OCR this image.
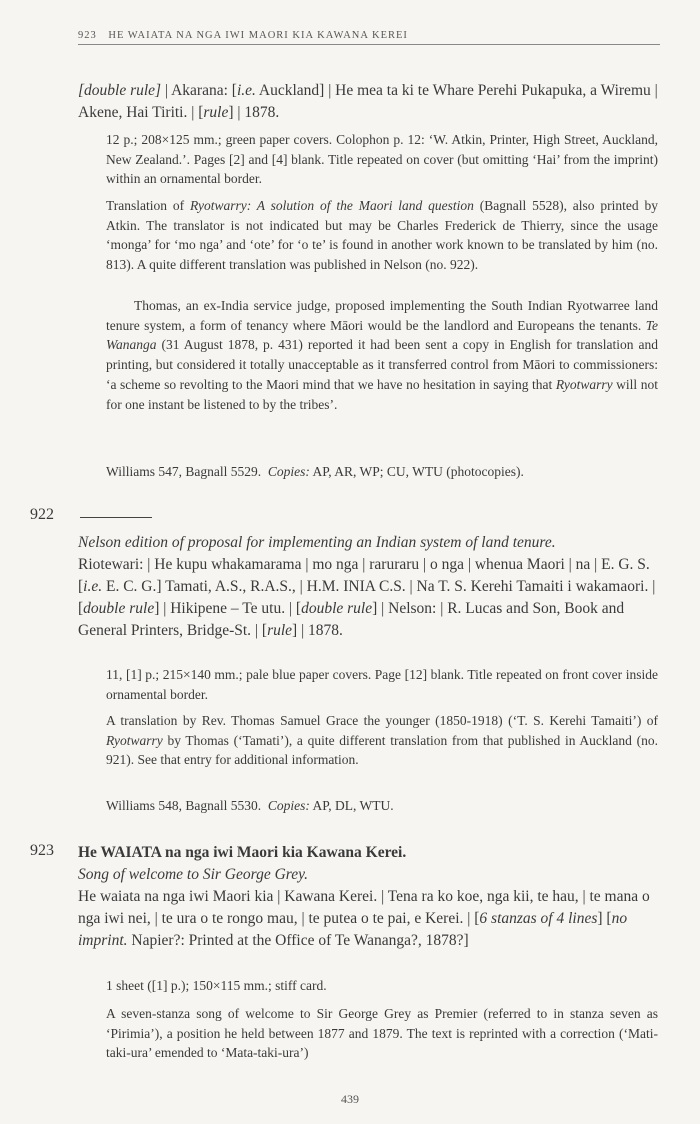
923 HE WAIATA NA NGA IWI MAORI KIA KAWANA KEREI
[double rule] | Akarana: [i.e. Auckland] | He mea ta ki te Whare Perehi Pukapuka, a Wiremu | Akene, Hai Tiriti. | [rule] | 1878.

12 p.; 208×125 mm.; green paper covers. Colophon p. 12: ‘W. Atkin, Printer, High Street, Auckland, New Zealand.’. Pages [2] and [4] blank. Title repeated on cover (but omitting ‘Hai’ from the imprint) within an ornamental border.

Translation of Ryotwarry: A solution of the Maori land question (Bagnall 5528), also printed by Atkin. The translator is not indicated but may be Charles Frederick de Thierry, since the usage ‘monga’ for ‘mo nga’ and ‘ote’ for ‘o te’ is found in another work known to be translated by him (no. 813). A quite different translation was published in Nelson (no. 922).

Thomas, an ex-India service judge, proposed implementing the South Indian Ryotwarree land tenure system, a form of tenancy where Māori would be the landlord and Europeans the tenants. Te Wananga (31 August 1878, p. 431) reported it had been sent a copy in English for translation and printing, but considered it totally unacceptable as it transferred control from Māori to commissioners: ‘a scheme so revolting to the Maori mind that we have no hesitation in saying that Ryotwarry will not for one instant be listened to by the tribes’.

Williams 547, Bagnall 5529. Copies: AP, AR, WP; CU, WTU (photocopies).

922
Nelson edition of proposal for implementing an Indian system of land tenure.
Riotewari: | He kupu whakamarama | mo nga | raruraru | o nga | whenua Maori | na | E. G. S. [i.e. E. C. G.] Tamati, A.S., R.A.S., | H.M. INIA C.S. | Na T. S. Kerehi Tamaiti i wakamaori. | [double rule] | Hikipene – Te utu. | [double rule] | Nelson: | R. Lucas and Son, Book and General Printers, Bridge-St. | [rule] | 1878.

11, [1] p.; 215×140 mm.; pale blue paper covers. Page [12] blank. Title repeated on front cover inside ornamental border.

A translation by Rev. Thomas Samuel Grace the younger (1850-1918) (‘T. S. Kerehi Tamaiti’) of Ryotwarry by Thomas (‘Tamati’), a quite different translation from that published in Auckland (no. 921). See that entry for additional information.

Williams 548, Bagnall 5530. Copies: AP, DL, WTU.

923 He WAIATA na nga iwi Maori kia Kawana Kerei.
Song of welcome to Sir George Grey.
He waiata na nga iwi Maori kia | Kawana Kerei. | Tena ra ko koe, nga kii, te hau, | te mana o nga iwi nei, | te ura o te rongo mau, | te putea o te pai, e Kerei. | [6 stanzas of 4 lines] [no imprint. Napier?: Printed at the Office of Te Wananga?, 1878?]

1 sheet ([1] p.); 150×115 mm.; stiff card.

A seven-stanza song of welcome to Sir George Grey as Premier (referred to in stanza seven as ‘Pirimia’), a position he held between 1877 and 1879. The text is reprinted with a correction (‘Mati-taki-ura’ emended to ‘Mata-taki-ura’)

439
